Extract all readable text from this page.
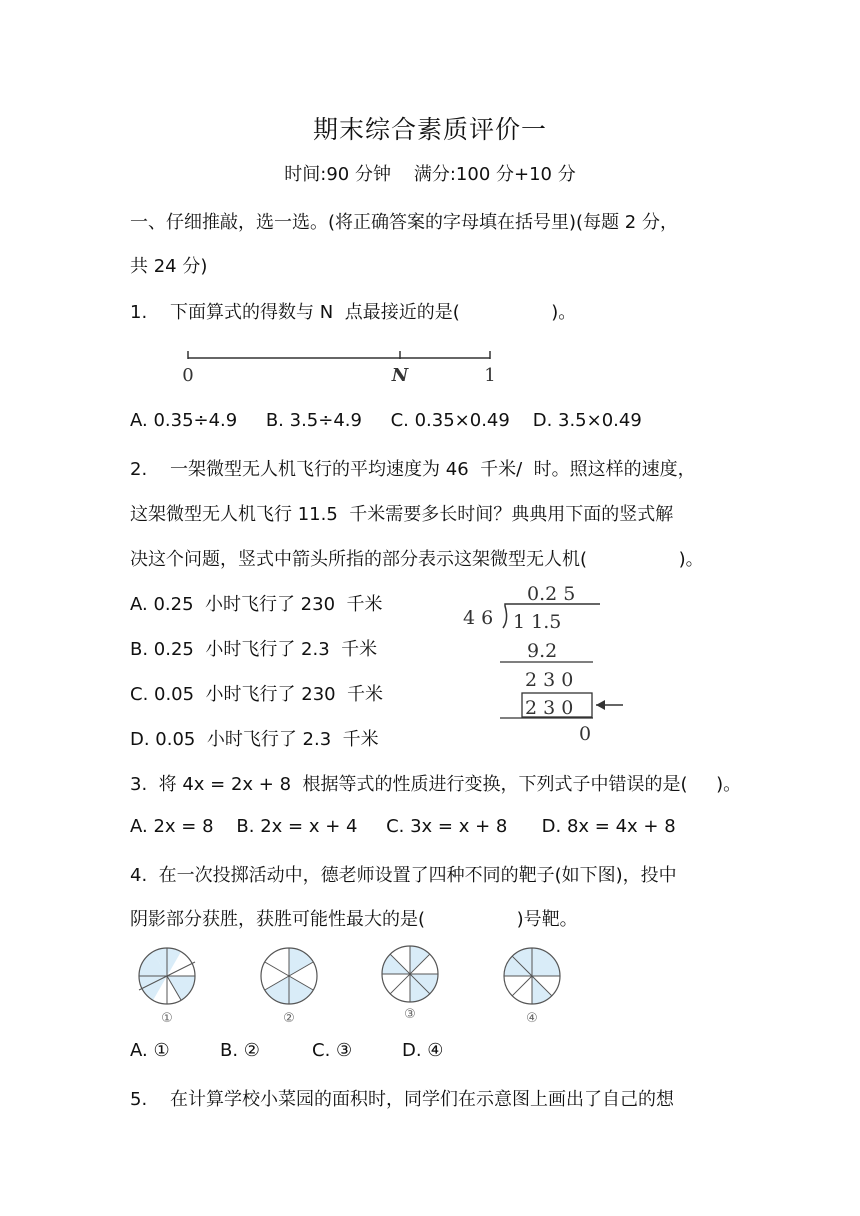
期末综合素质评价一
时间:90 分钟    满分:100 分+10 分
一、仔细推敲，选一选。(将正确答案的字母填在括号里)(每题 2 分，
共 24 分)
1.    下面算式的得数与 N  点最接近的是(                )。
0	N	1
A. 0.35÷4.9     B. 3.5÷4.9     C. 0.35×0.49    D. 3.5×0.49
2.    一架微型无人机飞行的平均速度为 46  千米/  时。照这样的速度，
这架微型无人机飞行 11.5  千米需要多长时间？典典用下面的竖式解
决这个问题，竖式中箭头所指的部分表示这架微型无人机(                )。
A. 0.25  小时飞行了 230  千米
B. 0.25  小时飞行了 2.3  千米
C. 0.05  小时飞行了 230  千米
D. 0.05  小时飞行了 2.3  千米
0.2 5
4 6 1 1.5
9.2
2 3 0
2 3 0
0
3.  将 4x = 2x + 8  根据等式的性质进行变换，下列式子中错误的是(     )。
A. 2x = 8    B. 2x = x + 4     C. 3x = x + 8      D. 8x = 4x + 8
4.  在一次投掷活动中，德老师设置了四种不同的靶子(如下图)，投中
阴影部分获胜，获胜可能性最大的是(                )号靶。
①	②	③	④
A. ①	B. ②	C. ③	D. ④
5.    在计算学校小菜园的面积时，同学们在示意图上画出了自己的想
